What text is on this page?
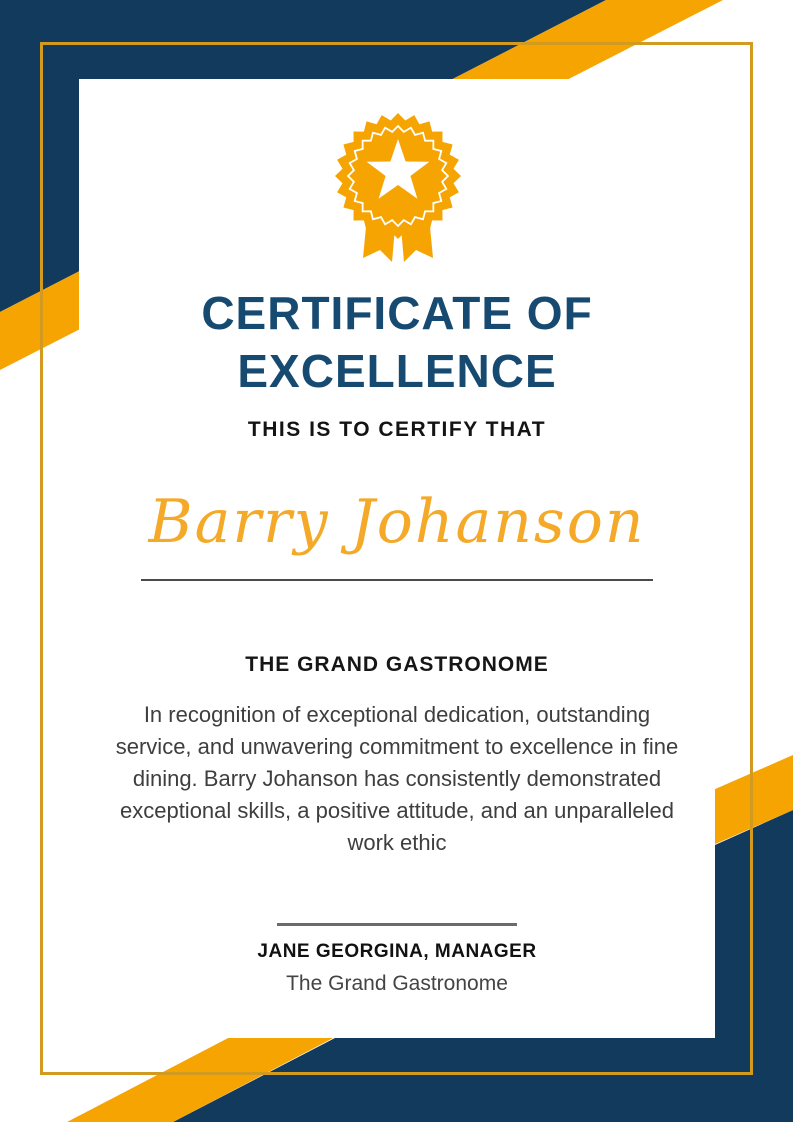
CERTIFICATE OF
EXCELLENCE
THIS IS TO CERTIFY THAT
Barry Johanson
THE GRAND GASTRONOME
In recognition of exceptional dedication, outstanding service, and unwavering commitment to excellence in fine dining. Barry Johanson has consistently demonstrated exceptional skills, a positive attitude, and an unparalleled work ethic
JANE GEORGINA, MANAGER
The Grand Gastronome
